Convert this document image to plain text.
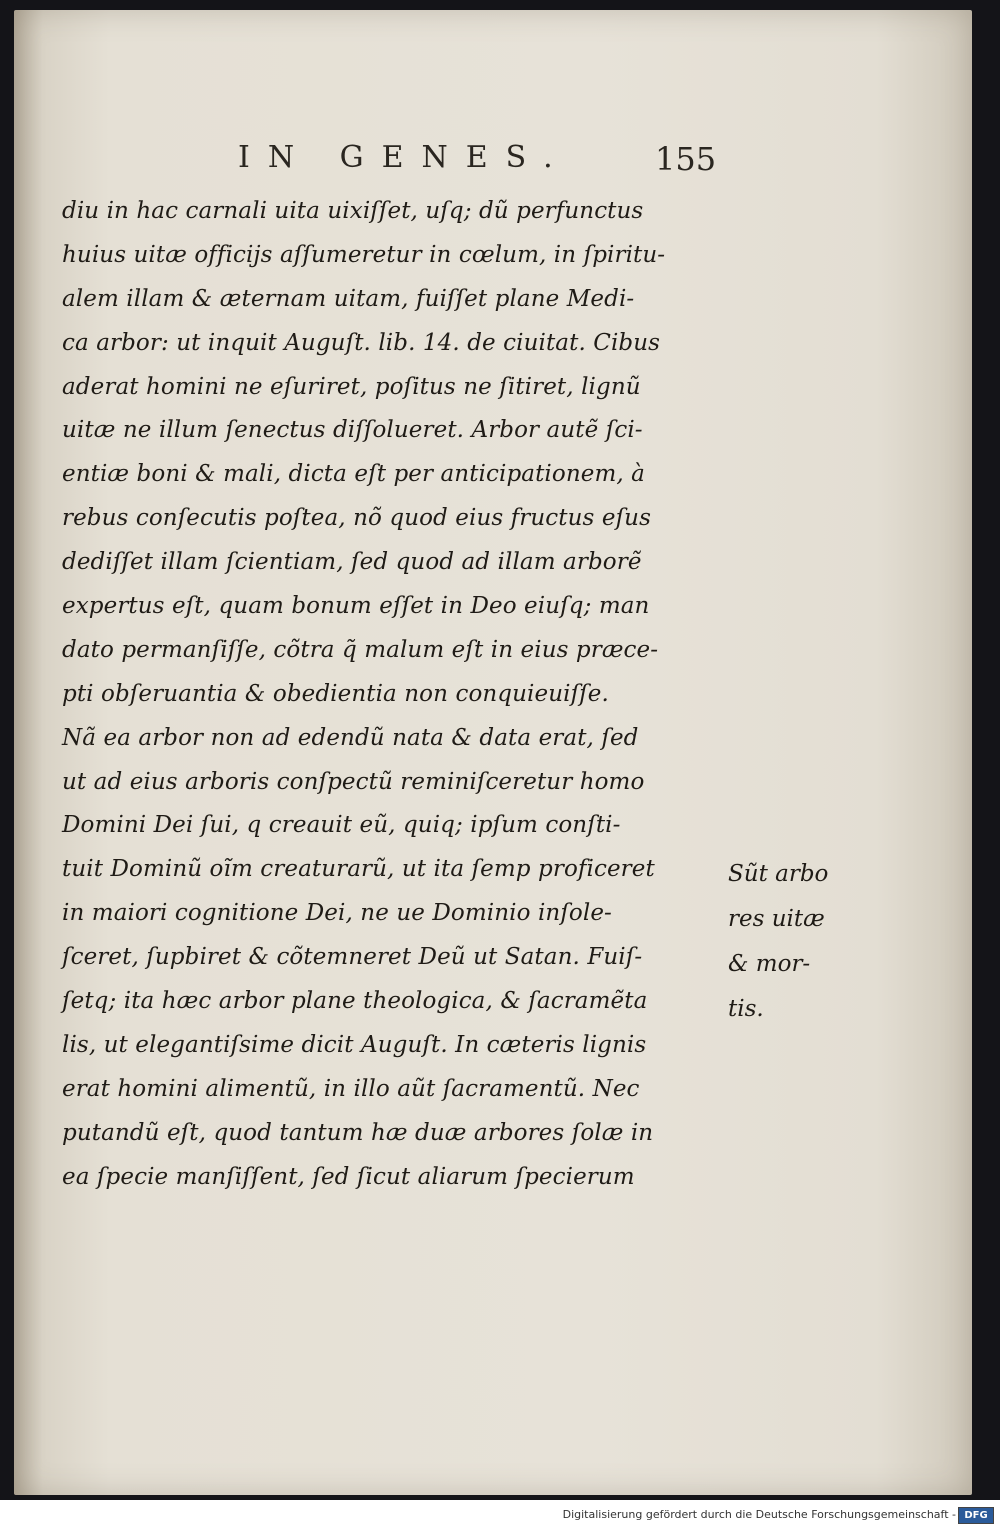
IN GENES.	155
diu in hac carnali uita uixiſſet, uſq; dũ perfunctus
huius uitæ officijs aſſumeretur in cœlum, in ſpiritu-
alem illam & æternam uitam, fuiſſet plane Medi-
ca arbor: ut inquit Auguſt. lib. 14. de ciuitat. Cibus
aderat homini ne eſuriret, poſitus ne ſitiret, lignũ
uitæ ne illum ſenectus diſſolueret. Arbor autẽ ſci-
entiæ boni & mali, dicta eſt per anticipationem, à
rebus conſecutis poſtea, nõ quod eius fructus eſus
dediſſet illam ſcientiam, ſed quod ad illam arborẽ
expertus eſt, quam bonum eſſet in Deo eiuſq; man
dato permanſiſſe, cõtra q̃ malum eſt in eius præce-
pti obſeruantia & obedientia non conquieuiſſe.
Nã ea arbor non ad edendũ nata & data erat, ſed
ut ad eius arboris conſpectũ reminiſceretur homo
Domini Dei ſui, q creauit eũ, quiq; ipſum conſti-
tuit Dominũ oĩm creaturarũ, ut ita ſemp proficeret
in maiori cognitione Dei, ne ue Dominio inſole-
ſceret, ſupbiret & cõtemneret Deũ ut Satan. Fuiſ-
ſetq; ita hæc arbor plane theologica, & ſacramẽta
lis, ut elegantiſsime dicit Auguſt. In cæteris lignis
erat homini alimentũ, in illo aũt ſacramentũ. Nec
putandũ eſt, quod tantum hæ duæ arbores ſolæ in
ea ſpecie manſiſſent, ſed ſicut aliarum ſpecierum
Sũt arbo
res uitæ
& mor-
tis.
Digitalisierung gefördert durch die Deutsche Forschungsgemeinschaft - DFG
